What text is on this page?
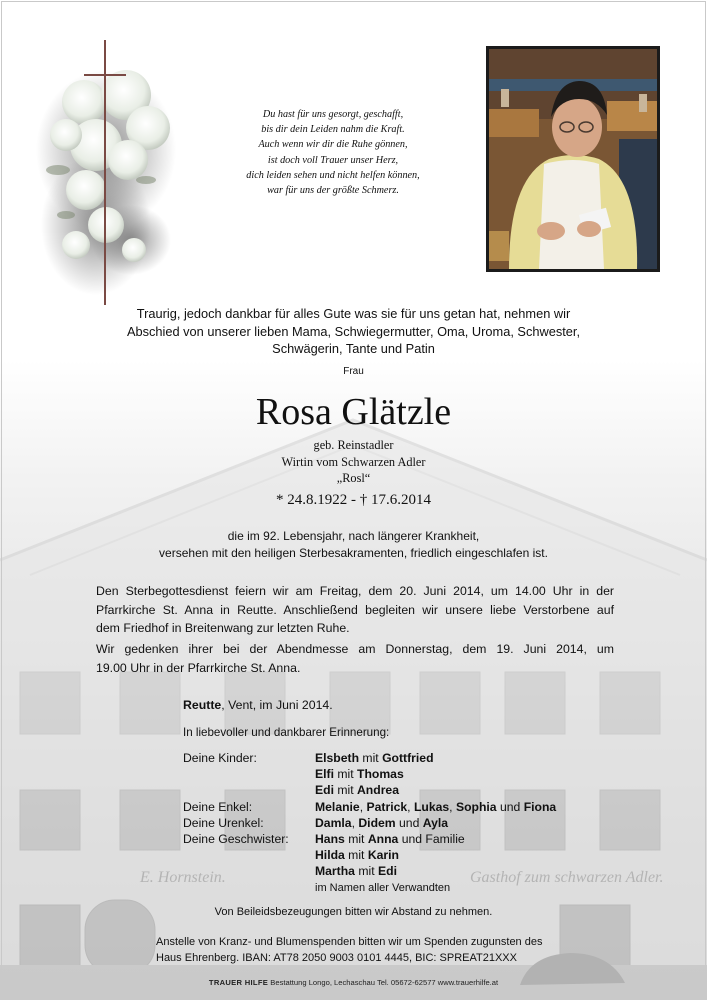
E. Hornstein.	Gasthof zum schwarzen Adler.
Du hast für uns gesorgt, geschafft,
bis dir dein Leiden nahm die Kraft.
Auch wenn wir dir die Ruhe gönnen,
ist doch voll Trauer unser Herz,
dich leiden sehen und nicht helfen können,
war für uns der größte Schmerz.
Traurig, jedoch dankbar für alles Gute was sie für uns getan hat, nehmen wir
Abschied von unserer lieben Mama, Schwiegermutter, Oma, Uroma, Schwester,
Schwägerin, Tante und Patin
Frau
Rosa Glätzle
geb. Reinstadler
Wirtin vom Schwarzen Adler
„Rosl“
* 24.8.1922 - † 17.6.2014
die im 92. Lebensjahr, nach längerer Krankheit,
versehen mit den heiligen Sterbesakramenten, friedlich eingeschlafen ist.
Den Sterbegottesdienst feiern wir am Freitag, dem 20. Juni 2014, um 14.00 Uhr in der
Pfarrkirche St. Anna in Reutte. Anschließend begleiten wir unsere liebe Verstorbene auf
dem Friedhof in Breitenwang zur letzten Ruhe.
Wir gedenken ihrer bei der Abendmesse am Donnerstag, dem 19. Juni 2014, um
19.00 Uhr in der Pfarrkirche St. Anna.
Reutte, Vent, im Juni 2014.
In liebevoller und dankbarer Erinnerung:
Deine Kinder:	Elsbeth mit Gottfried
Elfi mit Thomas
Edi mit Andrea
Deine Enkel:	Melanie, Patrick, Lukas, Sophia und Fiona
Deine Urenkel:	Damla, Didem und Ayla
Deine Geschwister:	Hans mit Anna und Familie
Hilda mit Karin
Martha mit Edi
im Namen aller Verwandten
Von Beileidsbezeugungen bitten wir Abstand zu nehmen.
Anstelle von Kranz- und Blumenspenden bitten wir um Spenden zugunsten des
Haus Ehrenberg. IBAN: AT78 2050 9003 0101 4445, BIC: SPREAT21XXX
TRAUER HILFE Bestattung Longo, Lechaschau Tel. 05672-62577 www.trauerhilfe.at
